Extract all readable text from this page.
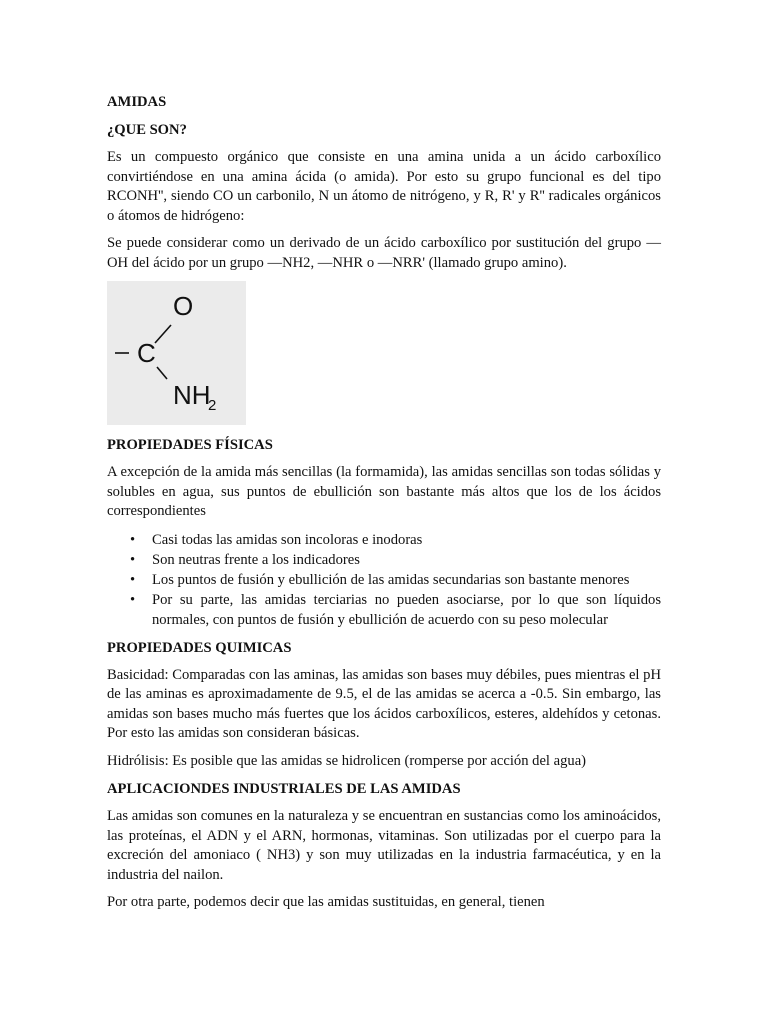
AMIDAS
¿QUE SON?

Es un compuesto orgánico que consiste en una amina unida a un ácido carboxílico convirtiéndose en una amina ácida (o amida). Por esto su grupo funcional es del tipo RCONH'', siendo CO un carbonilo, N un átomo de nitrógeno, y R, R' y R'' radicales orgánicos o átomos de hidrógeno:

Se puede considerar como un derivado de un ácido carboxílico por sustitución del grupo —OH del ácido por un grupo —NH2, —NHR o —NRR' (llamado grupo amino).

O
C
NH
2
PROPIEDADES FÍSICAS

A excepción de la amida más sencillas (la formamida), las amidas sencillas son todas sólidas y solubles en agua, sus puntos de ebullición son bastante más altos que los de los ácidos correspondientes

• Casi todas las amidas son incoloras e inodoras
• Son neutras frente a los indicadores
• Los puntos de fusión y ebullición de las amidas secundarias son bastante menores
• Por su parte, las amidas terciarias no pueden asociarse, por lo que son líquidos normales, con puntos de fusión y ebullición de acuerdo con su peso molecular
PROPIEDADES QUIMICAS

Basicidad: Comparadas con las aminas, las amidas son bases muy débiles, pues mientras el pH de las aminas es aproximadamente de 9.5, el de las amidas se acerca a -0.5. Sin embargo, las amidas son bases mucho más fuertes que los ácidos carboxílicos, esteres, aldehídos y cetonas. Por esto las amidas son consideran básicas.

Hidrólisis: Es posible que las amidas se hidrolicen (romperse por acción del agua)

APLICACIONDES INDUSTRIALES DE LAS AMIDAS

Las amidas son comunes en la naturaleza y se encuentran en sustancias como los aminoácidos, las proteínas, el ADN y el ARN, hormonas, vitaminas. Son utilizadas por el cuerpo para la excreción del amoniaco ( NH3) y son muy utilizadas en la industria farmacéutica, y en la industria del nailon.

Por otra parte, podemos decir que las amidas sustituidas, en general, tienen
